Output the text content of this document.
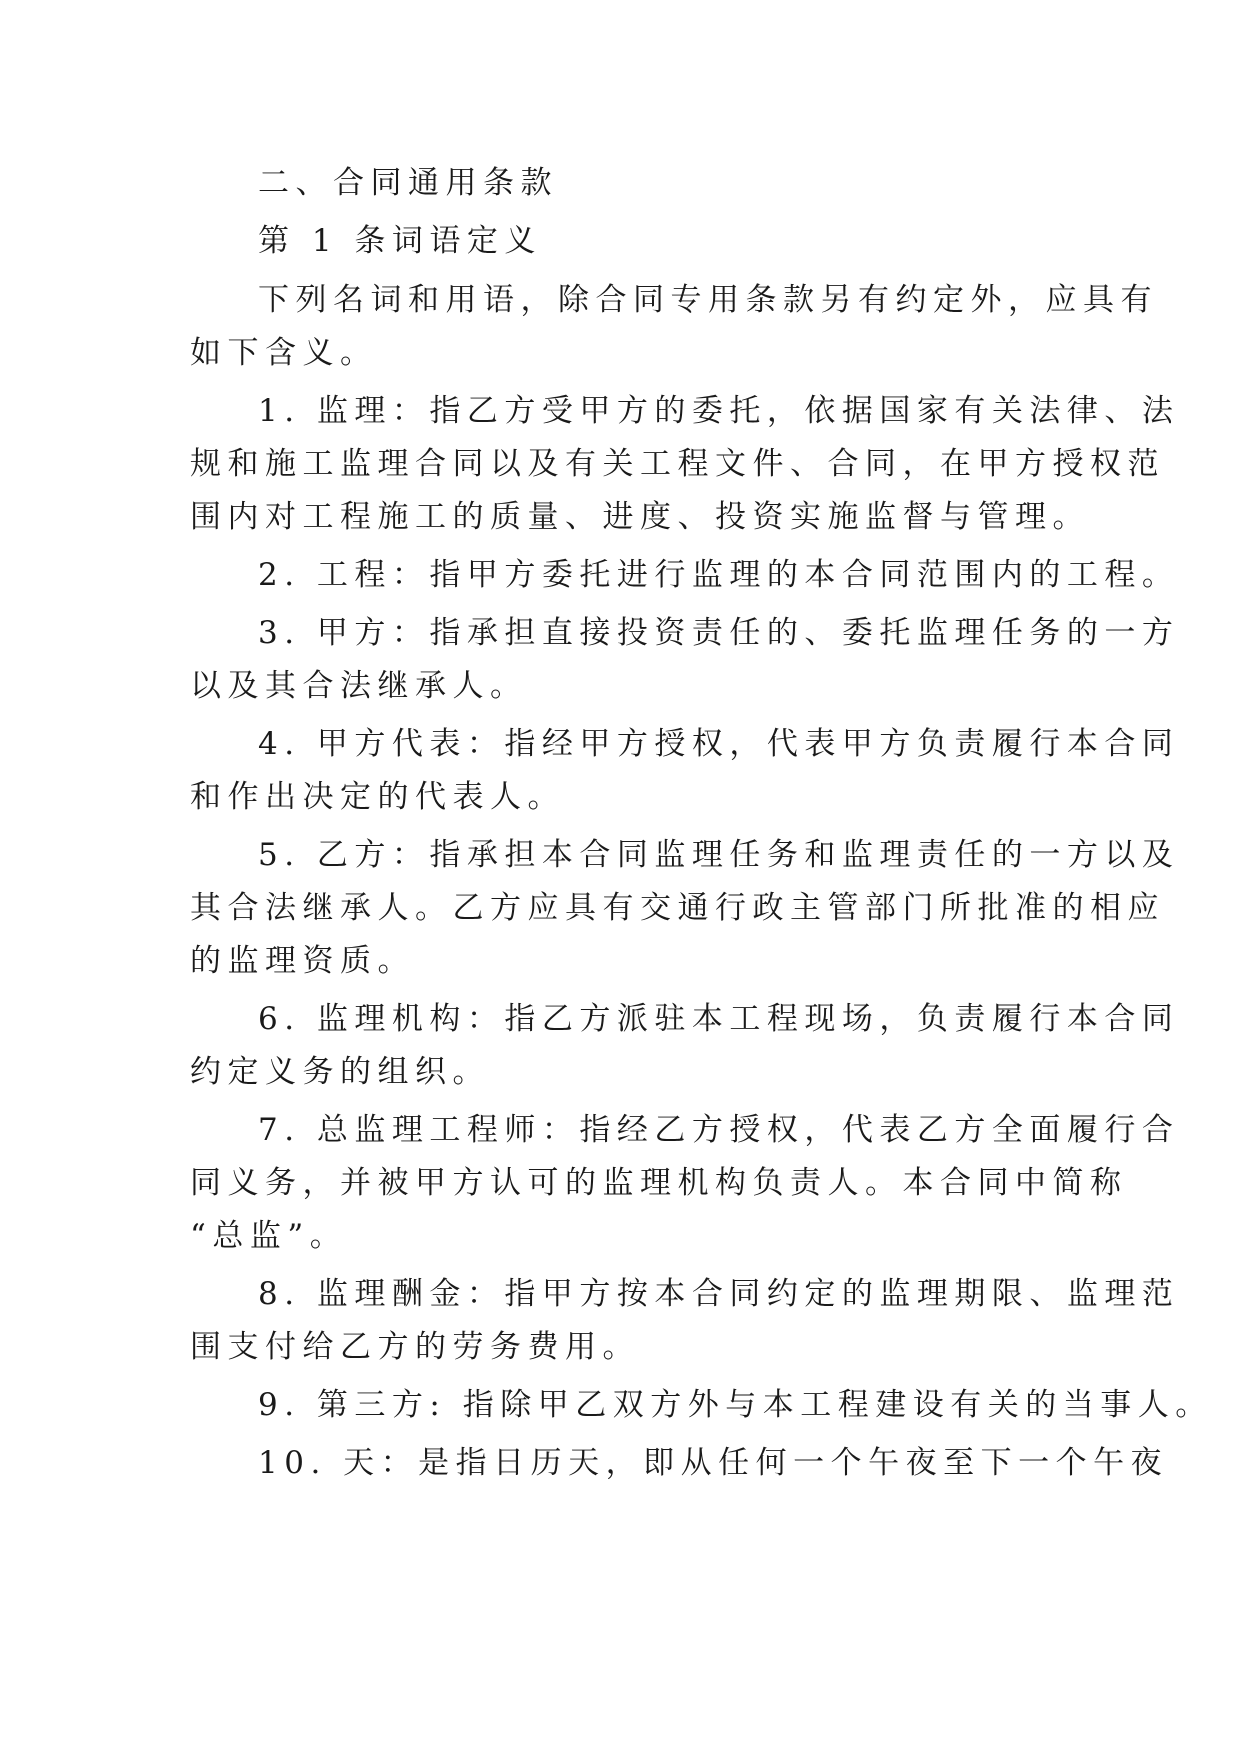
二、合同通用条款
第 1 条词语定义
下列名词和用语，除合同专用条款另有约定外，应具有
如下含义。
1. 监理：指乙方受甲方的委托，依据国家有关法律、法
规和施工监理合同以及有关工程文件、合同，在甲方授权范
围内对工程施工的质量、进度、投资实施监督与管理。
2. 工程：指甲方委托进行监理的本合同范围内的工程。
3. 甲方：指承担直接投资责任的、委托监理任务的一方
以及其合法继承人。
4. 甲方代表：指经甲方授权，代表甲方负责履行本合同
和作出决定的代表人。
5. 乙方：指承担本合同监理任务和监理责任的一方以及
其合法继承人。乙方应具有交通行政主管部门所批准的相应
的监理资质。
6. 监理机构：指乙方派驻本工程现场，负责履行本合同
约定义务的组织。
7. 总监理工程师：指经乙方授权，代表乙方全面履行合
同义务，并被甲方认可的监理机构负责人。本合同中简称
“总监”。
8. 监理酬金：指甲方按本合同约定的监理期限、监理范
围支付给乙方的劳务费用。
9. 第三方: 指除甲乙双方外与本工程建设有关的当事人。
10. 天：是指日历天，即从任何一个午夜至下一个午夜
